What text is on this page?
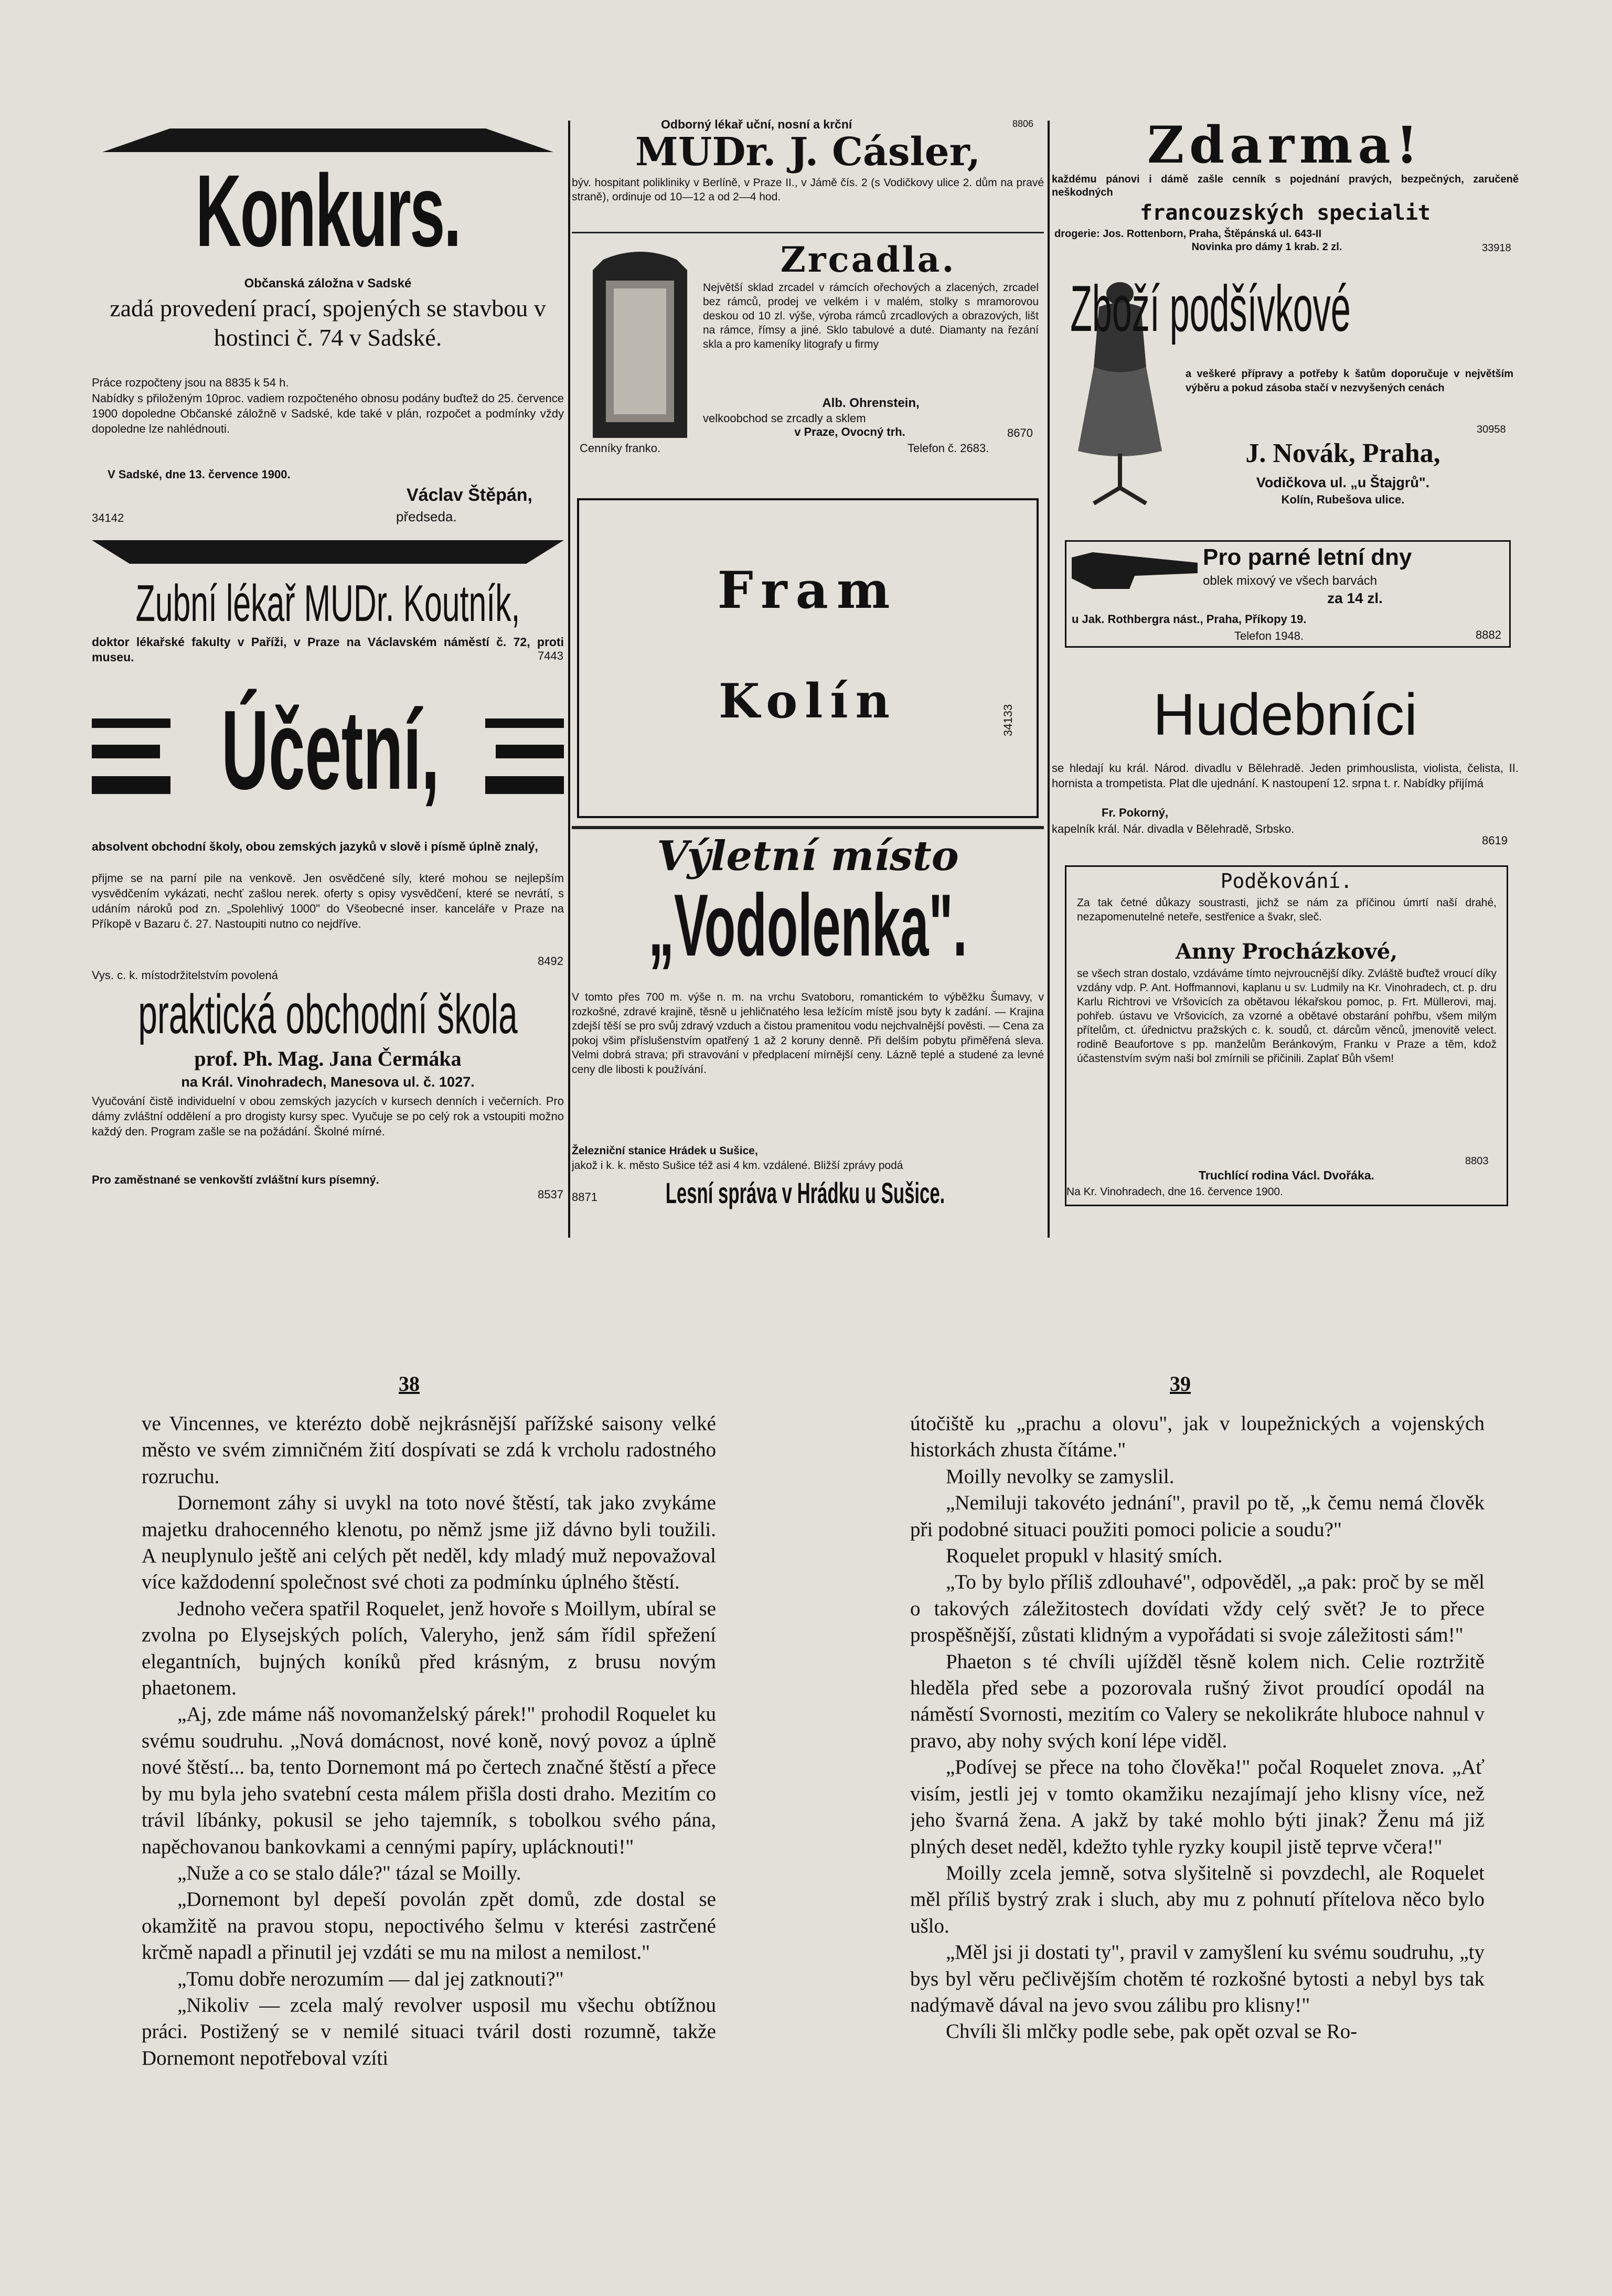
Konkurs.
Občanská záložna v Sadské
zadá provedení prací, spojených se stavbou v hostinci č. 74 v Sadské.
Práce rozpočteny jsou na 8835 k 54 h.
Nabídky s přiloženým 10proc. vadiem rozpočteného obnosu podány buďtež do 25. července 1900 dopoledne Občanské záložně v Sadské, kde také v plán, rozpočet a podmínky vždy dopoledne lze nahlédnouti.
V Sadské, dne 13. července 1900.
Václav Štěpán,
34142	předseda.
Zubní lékař MUDr. Koutník,
doktor lékařské fakulty v Paříži, v Praze na Václavském náměstí č. 72, proti museu.	7443
Účetní,
absolvent obchodní školy, obou zemských jazyků v slově i písmě úplně znalý,
přijme se na parní pile na venkově. Jen osvědčené síly, které mohou se nejlepším vysvědčením vykázati, nechť zašlou nerek. oferty s opisy vysvědčení, které se nevrátí, s udáním nároků pod zn. „Spolehlivý 1000" do Všeobecné inser. kanceláře v Praze na Příkopě v Bazaru č. 27. Nastoupiti nutno co nejdříve.
8492
Vys. c. k. místodržitelstvím povolená
praktická obchodní škola
prof. Ph. Mag. Jana Čermáka
na Král. Vinohradech, Manesova ul. č. 1027.
Vyučování čistě individuelní v obou zemských jazycích v kursech denních i večerních. Pro dámy zvláštní oddělení a pro drogisty kursy spec. Vyučuje se po celý rok a vstoupiti možno každý den. Program zašle se na požádání. Školné mírné.
Pro zaměstnané se venkovští zvláštní kurs písemný.
8537
Odborný lékař uční, nosní a krční	8806
MUDr. J. Cásler,
býv. hospitant polikliniky v Berlíně, v Praze II., v Jámě čís. 2 (s Vodičkovy ulice 2. dům na pravé straně), ordinuje od 10—12 a od 2—4 hod.
Zrcadla.
Největší sklad zrcadel v rámcích ořechových a zlacených, zrcadel bez rámců, prodej ve velkém i v malém, stolky s mramorovou deskou od 10 zl. výše, výroba rámců zrcadlových a obrazových, lišt na rámce, římsy a jiné. Sklo tabulové a duté. Diamanty na řezání skla a pro kameníky litografy u firmy
Alb. Ohrenstein,
velkoobchod se zrcadly a sklem
v Praze, Ovocný trh.	8670
Cenníky franko.	Telefon č. 2683.
Fram
Kolín	34133
Výletní místo
„Vodolenka".
V tomto přes 700 m. výše n. m. na vrchu Svatoboru, romantickém to výběžku Šumavy, v rozkošné, zdravé krajině, těsně u jehličnatého lesa ležícím místě jsou byty k zadání. — Krajina zdejší těší se pro svůj zdravý vzduch a čistou pramenitou vodu nejchvalnější pověsti. — Cena za pokoj všim příslušenstvím opatřený 1 až 2 koruny denně. Při delším pobytu přiměřená sleva. Velmi dobrá strava; při stravování v předplacení mírnější ceny. Lázně teplé a studené za levné ceny dle libosti k používání.
Železniční stanice Hrádek u Sušice,
jakož i k. k. město Sušice též asi 4 km. vzdálené. Bližší zprávy podá
8871	Lesní správa v Hrádku u Sušice.
Zdarma!
každému pánovi i dámě zašle cenník s pojednání pravých, bezpečných, zaručeně neškodných
francouzských specialit
drogerie: Jos. Rottenborn, Praha, Štěpánská ul. 643-II
Novinka pro dámy 1 krab. 2 zl.	33918
Zboží podšívkové
a veškeré přípravy a potřeby k šatům doporučuje v největším výběru a pokud zásoba stačí v nezvyšených cenách
30958
J. Novák, Praha,
Vodičkova ul. „u Štajgrů".
Kolín, Rubešova ulice.
Pro parné letní dny
oblek mixový ve všech barvách
za 14 zl.
u Jak. Rothbergra nást., Praha, Příkopy 19.
Telefon 1948.	8882
Hudebníci
se hledají ku král. Národ. divadlu v Bělehradě. Jeden primhouslista, violista, čelista, II. hornista a trompetista. Plat dle ujednání. K nastoupení 12. srpna t. r. Nabídky přijímá
Fr. Pokorný,
kapelník král. Nár. divadla v Bělehradě, Srbsko.
8619
Poděkování.
Za tak četné důkazy soustrasti, jichž se nám za příčinou úmrtí naší drahé, nezapomenutelné neteře, sestřenice a švakr, sleč.
Anny Procházkové,
se všech stran dostalo, vzdáváme tímto nejvroucnější díky. Zvláště buďtež vroucí díky vzdány vdp. P. Ant. Hoffmannovi, kaplanu u sv. Ludmily na Kr. Vinohradech, ct. p. dru Karlu Richtrovi ve Vršovicích za obětavou lékařskou pomoc, p. Frt. Müllerovi, maj. pohřeb. ústavu ve Vršovicích, za vzorné a obětavé obstarání pohřbu, všem milým přítelům, ct. úřednictvu pražských c. k. soudů, ct. dárcům věnců, jmenovitě velect. rodině Beaufortove s pp. manželům Beránkovým, Franku v Praze a těm, kdož účastenstvím svým naši bol zmírnili se přičinili. Zaplať Bůh všem!
8803
Truchlící rodina Václ. Dvořáka.
Na Kr. Vinohradech, dne 16. července 1900.
38	39

ve Vincennes, ve kterézto době nejkrásnější pařížské saisony velké město ve svém zimničném žití dospívati se zdá k vrcholu radostného rozruchu.

Dornemont záhy si uvykl na toto nové štěstí, tak jako zvykáme majetku drahocenného klenotu, po němž jsme již dávno byli toužili. A neuplynulo ještě ani celých pět neděl, kdy mladý muž nepovažoval více každodenní společnost své choti za podmínku úplného štěstí.

Jednoho večera spatřil Roquelet, jenž hovoře s Moillym, ubíral se zvolna po Elysejských polích, Valeryho, jenž sám řídil spřežení elegantních, bujných koníků před krásným, z brusu novým phaetonem.

„Aj, zde máme náš novomanželský párek!" prohodil Roquelet ku svému soudruhu. „Nová domácnost, nové koně, nový povoz a úplně nové štěstí... ba, tento Dornemont má po čertech značné štěstí a přece by mu byla jeho svatební cesta málem přišla dosti draho. Mezitím co trávil líbánky, pokusil se jeho tajemník, s tobolkou svého pána, napěchovanou bankovkami a cennými papíry, uplácknouti!"

„Nuže a co se stalo dále?" tázal se Moilly.

„Dornemont byl depeší povolán zpět domů, zde dostal se okamžitě na pravou stopu, nepoctivého šelmu v kterési zastrčené krčmě napadl a přinutil jej vzdáti se mu na milost a nemilost."

„Tomu dobře nerozumím — dal jej zatknouti?"

„Nikoliv — zcela malý revolver usposil mu všechu obtížnou práci. Postižený se v nemilé situaci tváril dosti rozumně, takže Dornemont nepotřeboval vzíti

útočiště ku „prachu a olovu", jak v loupežnických a vojenských historkách zhusta čítáme."

Moilly nevolky se zamyslil.

„Nemiluji takovéto jednání", pravil po tě, „k čemu nemá člověk při podobné situaci použiti pomoci policie a soudu?"

Roquelet propukl v hlasitý smích.

„To by bylo příliš zdlouhavé", odpověděl, „a pak: proč by se měl o takových záležitostech dovídati vždy celý svět? Je to přece prospěšnější, zůstati klidným a vypořádati si svoje záležitosti sám!"

Phaeton s té chvíli ujížděl těsně kolem nich. Celie roztržitě hleděla před sebe a pozorovala rušný život proudící opodál na náměstí Svornosti, mezitím co Valery se nekolikráte hluboce nahnul v pravo, aby nohy svých koní lépe viděl.

„Podívej se přece na toho člověka!" počal Roquelet znova. „Ať visím, jestli jej v tomto okamžiku nezajímají jeho klisny více, než jeho švarná žena. A jakž by také mohlo býti jinak? Ženu má již plných deset neděl, kdežto tyhle ryzky koupil jistě teprve včera!"

Moilly zcela jemně, sotva slyšitelně si povzdechl, ale Roquelet měl příliš bystrý zrak i sluch, aby mu z pohnutí přítelova něco bylo ušlo.

„Měl jsi ji dostati ty", pravil v zamyšlení ku svému soudruhu, „ty bys byl věru pečlivějším chotěm té rozkošné bytosti a nebyl bys tak nadýmavě dával na jevo svou zálibu pro klisny!"

Chvíli šli mlčky podle sebe, pak opět ozval se Ro-
